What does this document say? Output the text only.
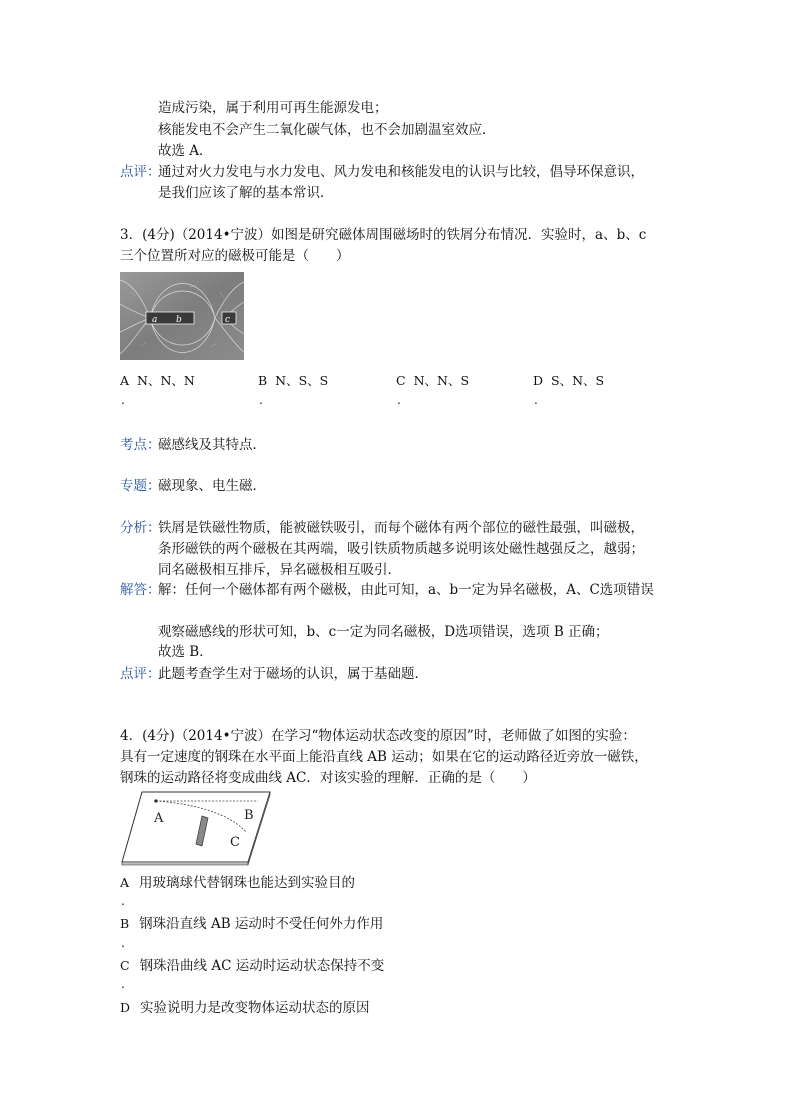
造成污染，属于利用可再生能源发电；
核能发电不会产生二氧化碳气体，也不会加剧温室效应．
故选 A．
点评：
通过对火力发电与水力发电、风力发电和核能发电的认识与比较，倡导环保意识，
是我们应该了解的基本常识．
3．(4分)（2014•宁波）如图是研究磁体周围磁场时的铁屑分布情况．实验时，a、b、c
三个位置所对应的磁极可能是（　　）
a b	c
A N、N、N
.
B N、S、S
.
C N、N、S
.
D S、N、S
.
考点：
磁感线及其特点．
专题：
磁现象、电生磁．
分析：
铁屑是铁磁性物质，能被磁铁吸引，而每个磁体有两个部位的磁性最强，叫磁极，
条形磁铁的两个磁极在其两端，吸引铁质物质越多说明该处磁性越强反之，越弱；
同名磁极相互排斥，异名磁极相互吸引．
解答：
解：任何一个磁体都有两个磁极，由此可知，a、b一定为异名磁极，A、C选项错误
观察磁感线的形状可知，b、c一定为同名磁极，D选项错误，选项 B 正确；
故选 B．
点评：
此题考查学生对于磁场的认识，属于基础题．
4．(4分)（2014•宁波）在学习“物体运动状态改变的原因”时，老师做了如图的实验：
具有一定速度的钢珠在水平面上能沿直线 AB 运动；如果在它的运动路径近旁放一磁铁，
钢珠的运动路径将变成曲线 AC．对该实验的理解．正确的是（　　）
A	B
C
A 用玻璃球代替钢珠也能达到实验目的
.
B 钢珠沿直线 AB 运动时不受任何外力作用
.
C 钢珠沿曲线 AC 运动时运动状态保持不变
.
D 实验说明力是改变物体运动状态的原因
